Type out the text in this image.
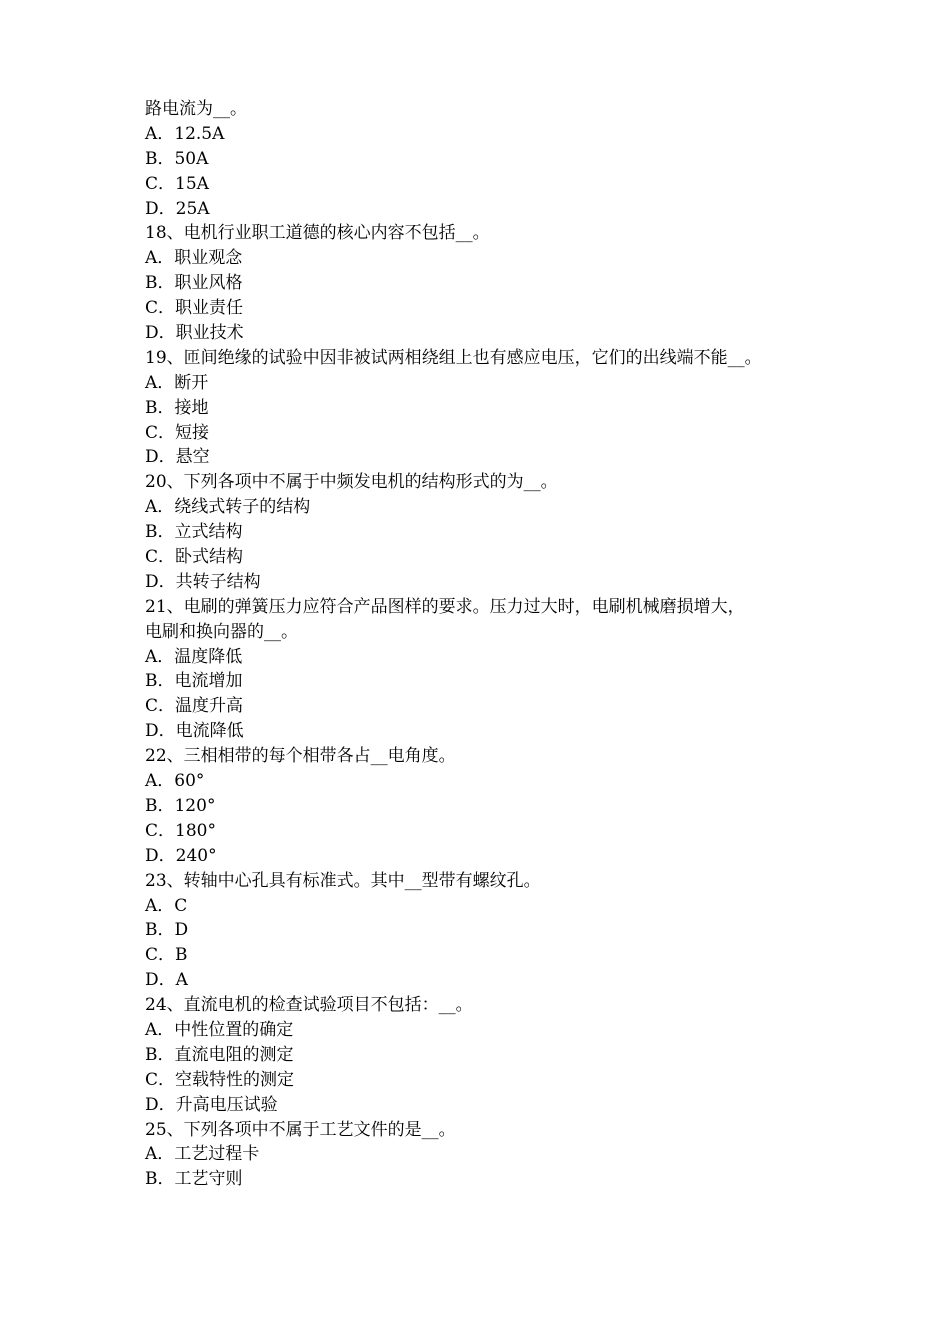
路电流为__。
A．12.5A
B．50A
C．15A
D．25A
18、电机行业职工道德的核心内容不包括__。
A．职业观念
B．职业风格
C．职业责任
D．职业技术
19、匝间绝缘的试验中因非被试两相绕组上也有感应电压，它们的出线端不能__。
A．断开
B．接地
C．短接
D．悬空
20、下列各项中不属于中频发电机的结构形式的为__。
A．绕线式转子的结构
B．立式结构
C．卧式结构
D．共转子结构
21、电刷的弹簧压力应符合产品图样的要求。压力过大时，电刷机械磨损增大，
电刷和换向器的__。
A．温度降低
B．电流增加
C．温度升高
D．电流降低
22、三相相带的每个相带各占__电角度。
A．60°
B．120°
C．180°
D．240°
23、转轴中心孔具有标准式。其中__型带有螺纹孔。
A．C
B．D
C．B
D．A
24、直流电机的检查试验项目不包括：__。
A．中性位置的确定
B．直流电阻的测定
C．空载特性的测定
D．升高电压试验
25、下列各项中不属于工艺文件的是__。
A．工艺过程卡
B．工艺守则
